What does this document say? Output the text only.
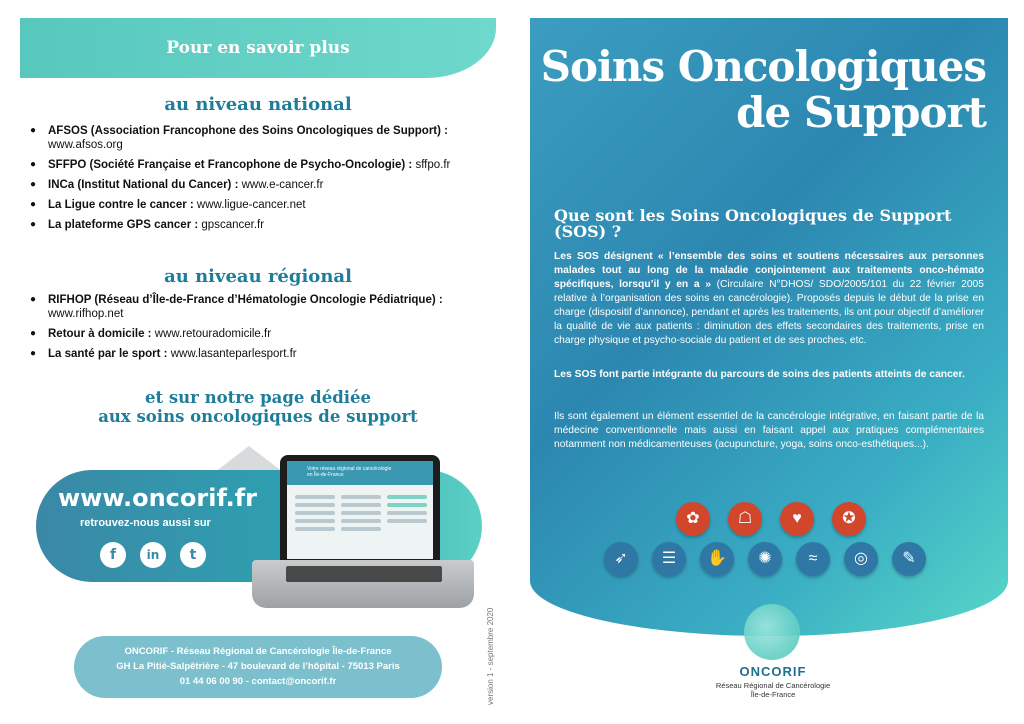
Pour en savoir plus
au niveau national
● AFSOS (Association Francophone des Soins Oncologiques de Support) : www.afsos.org
● SFFPO (Société Française et Francophone de Psycho-Oncologie) : sffpo.fr
● INCa (Institut National du Cancer) : www.e-cancer.fr
● La Ligue contre le cancer : www.ligue-cancer.net
● La plateforme GPS cancer : gpscancer.fr
au niveau régional
● RIFHOP (Réseau d’Île-de-France d’Hématologie Oncologie Pédiatrique) : www.rifhop.net
● Retour à domicile : www.retouradomicile.fr
● La santé par le sport : www.lasanteparlesport.fr
et sur notre page dédiée
aux soins oncologiques de support
www.oncorif.fr
retrouvez-nous aussi sur
f	in	t
Votre réseau régional de cancérologie en Île-de-France
version 1 - septembre 2020
ONCORIF - Réseau Régional de Cancérologie Île-de-France
GH La Pitié-Salpêtrière - 47 boulevard de l’hôpital - 75013 Paris
01 44 06 00 90 - contact@oncorif.fr
Soins Oncologiques
de Support
Que sont les Soins Oncologiques de Support (SOS) ?

Les SOS désignent « l’ensemble des soins et soutiens nécessaires aux personnes malades tout au long de la maladie conjointement aux traitements onco-hémato spécifiques, lorsqu’il y en a » (Circulaire N°DHOS/ SDO/2005/101 du 22 février 2005 relative à l’organisation des soins en cancérologie). Proposés depuis le début de la prise en charge (dispositif d’annonce), pendant et après les traitements, ils ont pour objectif d’améliorer la qualité de vie aux patients : diminution des effets secondaires des traitements, prise en charge physique et psycho-sociale du patient et de ses proches, etc.

Les SOS font partie intégrante du parcours de soins des patients atteints de cancer.

Ils sont également un élément essentiel de la cancérologie intégrative, en faisant partie de la médecine conventionnelle mais aussi en faisant appel aux pratiques complémentaires notamment non médicamenteuses (acupuncture, yoga, soins onco-esthétiques...).

✿	☖	♥	✪
➶	☰	✋	✺	≈	◎	✎
ONCORIF
Réseau Régional de Cancérologie
Île-de-France
